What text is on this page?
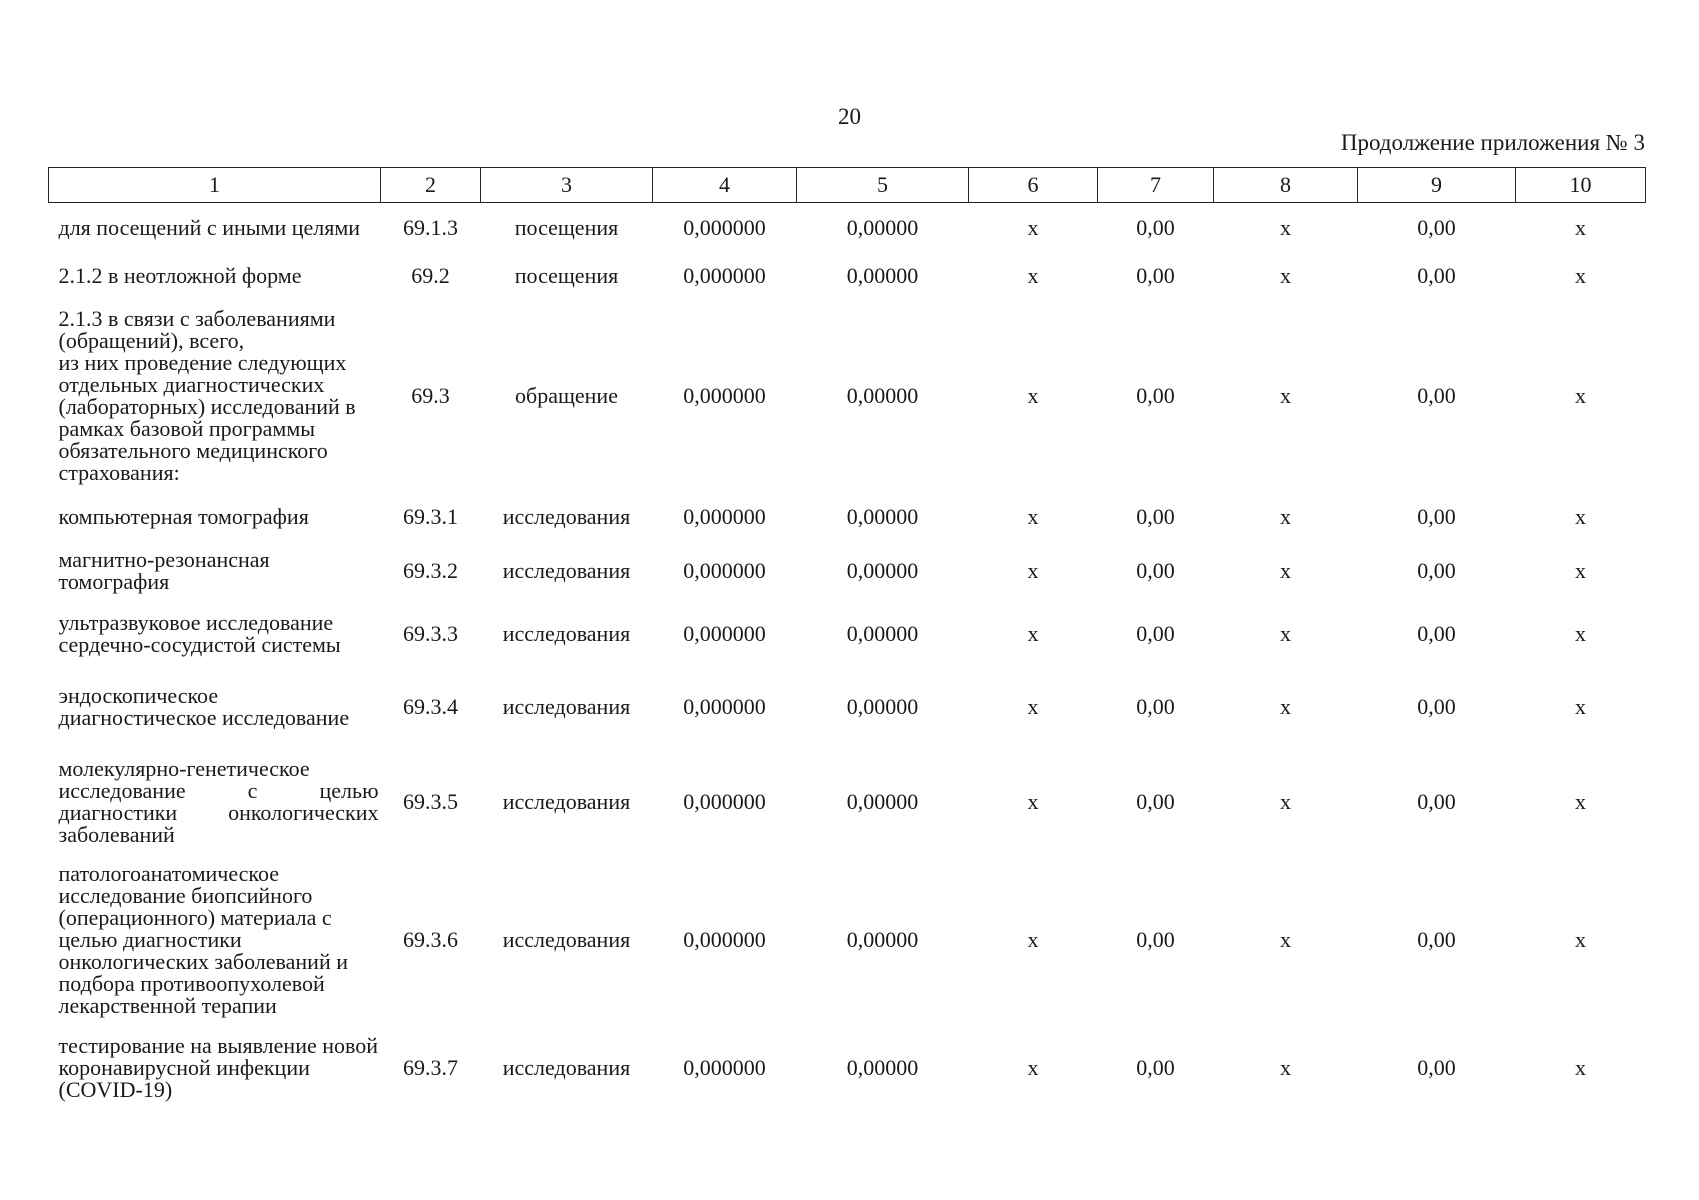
20
Продолжение приложения № 3
1	2	3	4	5	6	7	8	9	10
для посещений с иными целями	69.1.3	посещения	0,000000	0,00000	х	0,00	х	0,00	х
2.1.2 в неотложной форме	69.2	посещения	0,000000	0,00000	х	0,00	х	0,00	х

2.1.3 в связи с заболеваниями (обращений), всего,
из них проведение следующих отдельных диагностических (лабораторных) исследований в рамках базовой программы обязательного медицинского страхования:	69.3	обращение	0,000000	0,00000	х	0,00	х	0,00	х
компьютерная томография	69.3.1	исследования	0,000000	0,00000	х	0,00	х	0,00	х
магнитно-резонансная томография	69.3.2	исследования	0,000000	0,00000	х	0,00	х	0,00	х
ультразвуковое исследование сердечно-сосудистой системы	69.3.3	исследования	0,000000	0,00000	х	0,00	х	0,00	х
эндоскопическое диагностическое исследование	69.3.4	исследования	0,000000	0,00000	х	0,00	х	0,00	х
молекулярно-генетическое исследование с целью диагностики онкологических заболеваний	69.3.5	исследования	0,000000	0,00000	х	0,00	х	0,00	х
патологоанатомическое исследование биопсийного (операционного) материала с целью диагностики онкологических заболеваний и подбора противоопухолевой лекарственной терапии	69.3.6	исследования	0,000000	0,00000	х	0,00	х	0,00	х
тестирование на выявление новой коронавирусной инфекции (COVID-19)	69.3.7	исследования	0,000000	0,00000	х	0,00	х	0,00	х
